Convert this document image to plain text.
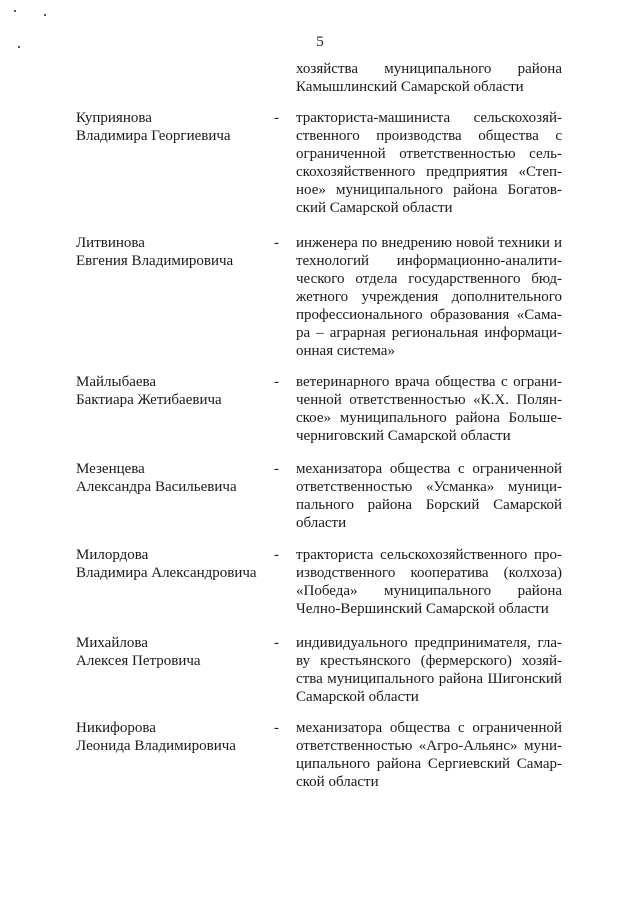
5
хозяйства муниципального района
Камышлинский Самарской области
Куприянова
Владимира Георгиевича
- тракториста-машиниста сельскохозяй-
ственного производства общества с
ограниченной ответственностью сель-
скохозяйственного предприятия «Степ-
ное» муниципального района Богатов-
ский Самарской области
Литвинова
Евгения Владимировича
- инженера по внедрению новой техники и
технологий информационно-аналити-
ческого отдела государственного бюд-
жетного учреждения дополнительного
профессионального образования «Сама-
ра – аграрная региональная информаци-
онная система»
Майлыбаева
Бактиара Жетибаевича
- ветеринарного врача общества с ограни-
ченной ответственностью «К.Х. Полян-
ское» муниципального района Больше-
черниговский Самарской области
Мезенцева
Александра Васильевича
- механизатора общества с ограниченной
ответственностью «Усманка» муници-
пального района Борский Самарской
области
Милордова
Владимира Александровича
- тракториста сельскохозяйственного про-
изводственного кооператива (колхоза)
«Победа» муниципального района
Челно-Вершинский Самарской области
Михайлова
Алексея Петровича
- индивидуального предпринимателя, гла-
ву крестьянского (фермерского) хозяй-
ства муниципального района Шигонский
Самарской области
Никифорова
Леонида Владимировича
- механизатора общества с ограниченной
ответственностью «Агро-Альянс» муни-
ципального района Сергиевский Самар-
ской области
